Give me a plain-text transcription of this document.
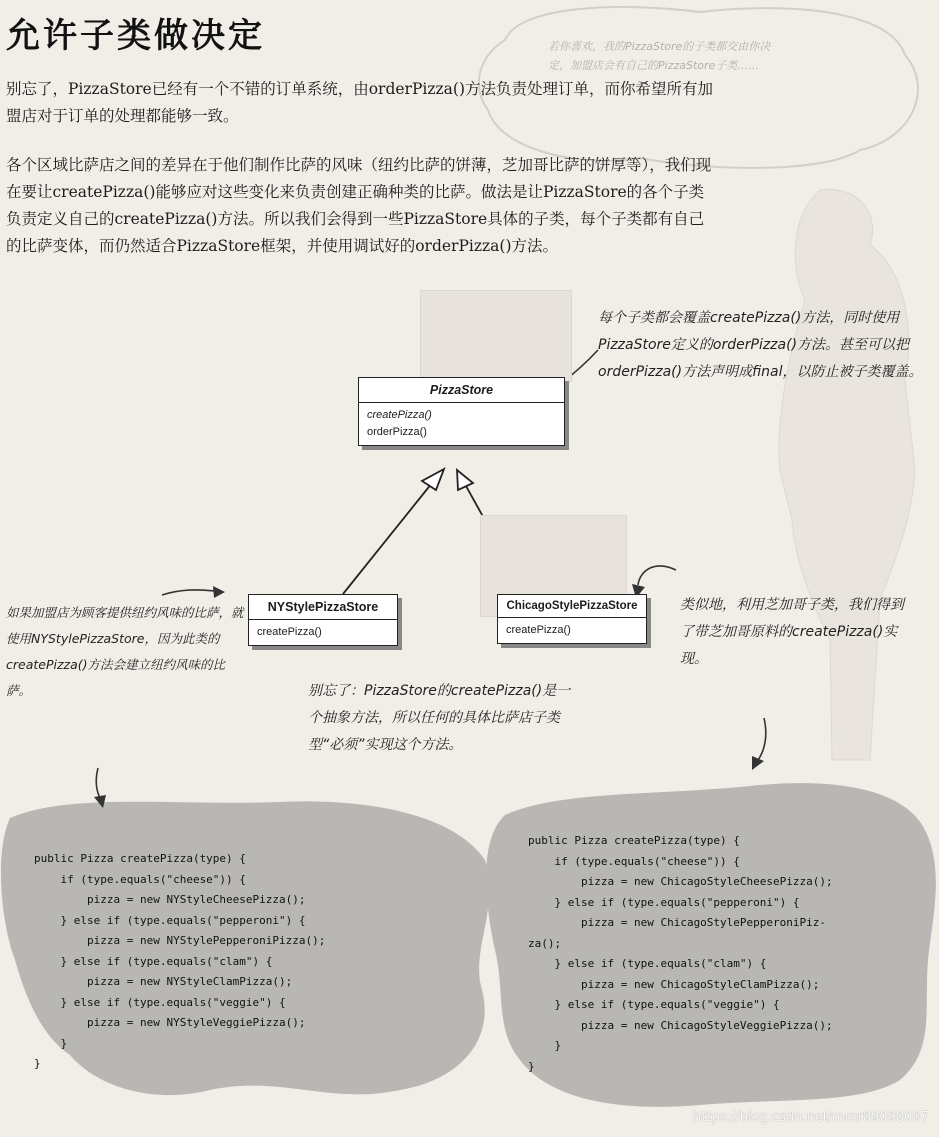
若你喜欢，我的PizzaStore的子类都交由你决定，加盟店会有自己的PizzaStore子类……
允许子类做决定

别忘了，PizzaStore已经有一个不错的订单系统，由orderPizza()方法负责处理订单，而你希望所有加盟店对于订单的处理都能够一致。

各个区域比萨店之间的差异在于他们制作比萨的风味（纽约比萨的饼薄，芝加哥比萨的饼厚等），我们现在要让createPizza()能够应对这些变化来负责创建正确种类的比萨。做法是让PizzaStore的各个子类负责定义自己的createPizza()方法。所以我们会得到一些PizzaStore具体的子类，每个子类都有自己的比萨变体，而仍然适合PizzaStore框架，并使用调试好的orderPizza()方法。

每个子类都会覆盖createPizza()方法，同时使用PizzaStore定义的orderPizza()方法。甚至可以把orderPizza()方法声明成final，以防止被子类覆盖。

PizzaStore
createPizza()
orderPizza()
NYStylePizzaStore
createPizza()
ChicagoStylePizzaStore
createPizza()

类似地，利用芝加哥子类，我们得到了带芝加哥原料的createPizza()实现。

如果加盟店为顾客提供纽约风味的比萨，就使用NYStylePizzaStore，因为此类的createPizza()方法会建立纽约风味的比萨。	别忘了：PizzaStore的createPizza()是一个抽象方法，所以任何的具体比萨店子类型“必须”实现这个方法。

public Pizza createPizza(type) {
if (type.equals("cheese")) {
pizza = new NYStyleCheesePizza();
} else if (type.equals("pepperoni") {
pizza = new NYStylePepperoniPizza();
} else if (type.equals("clam") {
pizza = new NYStyleClamPizza();
} else if (type.equals("veggie") {
pizza = new NYStyleVeggiePizza();
}
}
public Pizza createPizza(type) {
if (type.equals("cheese")) {
pizza = new ChicagoStyleCheesePizza();
} else if (type.equals("pepperoni") {
pizza = new ChicagoStylePepperoniPiz-
za();
} else if (type.equals("clam") {
pizza = new ChicagoStyleClamPizza();
} else if (type.equals("veggie") {
pizza = new ChicagoStyleVeggiePizza();
}
}
https://blog.csdn.net/mmr89098087
